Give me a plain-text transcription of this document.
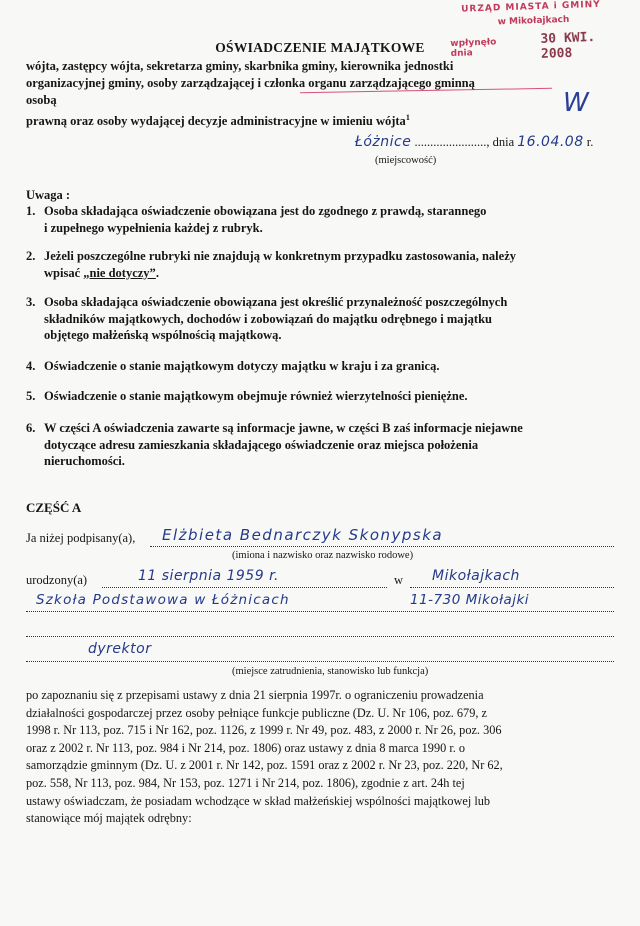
URZĄD MIASTA i GMINY
w Mikołajkach
wpłynęło dnia
30 KWI. 2008
W
OŚWIADCZENIE MAJĄTKOWE
wójta, zastępcy wójta, sekretarza gminy, skarbnika gminy, kierownika jednostki
organizacyjnej gminy, osoby zarządzającej i członka organu zarządzającego gminną osobą
prawną oraz osoby wydającej decyzje administracyjne w imieniu wójta$^1$
Łóżnice ......................., dnia 16.04.08 r.
(miejscowość)
Uwaga :
1. Osoba składająca oświadczenie obowiązana jest do zgodnego z prawdą, starannego
i zupełnego wypełnienia każdej z rubryk.
2. Jeżeli poszczególne rubryki nie znajdują w konkretnym przypadku zastosowania, należy
wpisać „nie dotyczy”.
3. Osoba składająca oświadczenie obowiązana jest określić przynależność poszczególnych
składników majątkowych, dochodów i zobowiązań do majątku odrębnego i majątku
objętego małżeńską wspólnością majątkową.
4. Oświadczenie o stanie majątkowym dotyczy majątku w kraju i za granicą.
5. Oświadczenie o stanie majątkowym obejmuje również wierzytelności pieniężne.
6. W części A oświadczenia zawarte są informacje jawne, w części B zaś informacje niejawne
dotyczące adresu zamieszkania składającego oświadczenie oraz miejsca położenia
nieruchomości.
CZĘŚĆ A
Ja niżej podpisany(a), Elżbieta Bednarczyk Skonypska
(imiona i nazwisko oraz nazwisko rodowe)
urodzony(a)	11 sierpnia 1959 r.	w Mikołajkach
Szkoła Podstawowa w Łóżnicach	11-730 Mikołajki
dyrektor
(miejsce zatrudnienia, stanowisko lub funkcja)
po zapoznaniu się z przepisami ustawy z dnia 21 sierpnia 1997r. o ograniczeniu prowadzenia
działalności gospodarczej przez osoby pełniące funkcje publiczne (Dz. U. Nr 106, poz. 679, z
1998 r. Nr 113, poz. 715 i Nr 162, poz. 1126, z 1999 r. Nr 49, poz. 483, z 2000 r. Nr 26, poz. 306
oraz z 2002 r. Nr 113, poz. 984 i Nr 214, poz. 1806) oraz ustawy z dnia 8 marca 1990 r. o
samorządzie gminnym (Dz. U. z 2001 r. Nr 142, poz. 1591 oraz z 2002 r. Nr 23, poz. 220, Nr 62,
poz. 558, Nr 113, poz. 984, Nr 153, poz. 1271 i Nr 214, poz. 1806), zgodnie z art. 24h tej
ustawy oświadczam, że posiadam wchodzące w skład małżeńskiej wspólności majątkowej lub
stanowiące mój majątek odrębny:
